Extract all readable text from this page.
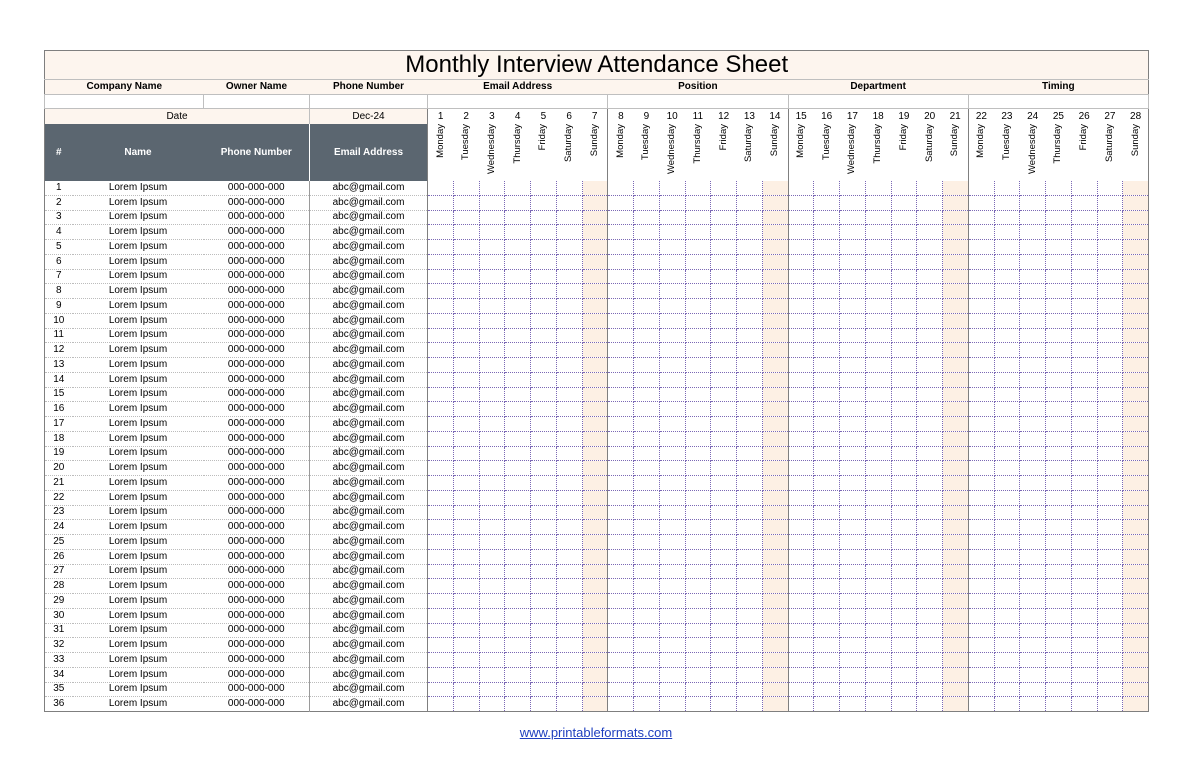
Monthly Interview Attendance Sheet																															
Company Name		Owner Name	Phone Number	Email Address							Position							Department							Timing						

Date			Dec-24	1	2	3	4	5	6	7	8	9	10	11	12	13	14	15	16	17	18	19	20	21	22	23	24	25	26	27	28
#	Name	Phone Number	Email Address	Monday	Tuesday	Wednesday	Thursday	Friday	Saturday	Sunday	Monday	Tuesday	Wednesday	Thursday	Friday	Saturday	Sunday	Monday	Tuesday	Wednesday	Thursday	Friday	Saturday	Sunday	Monday	Tuesday	Wednesday	Thursday	Friday	Saturday	Sunday
1	Lorem Ipsum	000-000-000	abc@gmail.com																												
2	Lorem Ipsum	000-000-000	abc@gmail.com																												
3	Lorem Ipsum	000-000-000	abc@gmail.com																												
4	Lorem Ipsum	000-000-000	abc@gmail.com																												
5	Lorem Ipsum	000-000-000	abc@gmail.com																												
6	Lorem Ipsum	000-000-000	abc@gmail.com																												
7	Lorem Ipsum	000-000-000	abc@gmail.com																												
8	Lorem Ipsum	000-000-000	abc@gmail.com																												
9	Lorem Ipsum	000-000-000	abc@gmail.com																												
10	Lorem Ipsum	000-000-000	abc@gmail.com																												
11	Lorem Ipsum	000-000-000	abc@gmail.com																												
12	Lorem Ipsum	000-000-000	abc@gmail.com																												
13	Lorem Ipsum	000-000-000	abc@gmail.com																												
14	Lorem Ipsum	000-000-000	abc@gmail.com																												
15	Lorem Ipsum	000-000-000	abc@gmail.com																												
16	Lorem Ipsum	000-000-000	abc@gmail.com																												
17	Lorem Ipsum	000-000-000	abc@gmail.com																												
18	Lorem Ipsum	000-000-000	abc@gmail.com																												
19	Lorem Ipsum	000-000-000	abc@gmail.com																												
20	Lorem Ipsum	000-000-000	abc@gmail.com																												
21	Lorem Ipsum	000-000-000	abc@gmail.com																												
22	Lorem Ipsum	000-000-000	abc@gmail.com																												
23	Lorem Ipsum	000-000-000	abc@gmail.com																												
24	Lorem Ipsum	000-000-000	abc@gmail.com																												
25	Lorem Ipsum	000-000-000	abc@gmail.com																												
26	Lorem Ipsum	000-000-000	abc@gmail.com																												
27	Lorem Ipsum	000-000-000	abc@gmail.com																												
28	Lorem Ipsum	000-000-000	abc@gmail.com																												
29	Lorem Ipsum	000-000-000	abc@gmail.com																												
30	Lorem Ipsum	000-000-000	abc@gmail.com																												
31	Lorem Ipsum	000-000-000	abc@gmail.com																												
32	Lorem Ipsum	000-000-000	abc@gmail.com																												
33	Lorem Ipsum	000-000-000	abc@gmail.com																												
34	Lorem Ipsum	000-000-000	abc@gmail.com																												
35	Lorem Ipsum	000-000-000	abc@gmail.com																												
36	Lorem Ipsum	000-000-000	abc@gmail.com																												
www.printableformats.com
